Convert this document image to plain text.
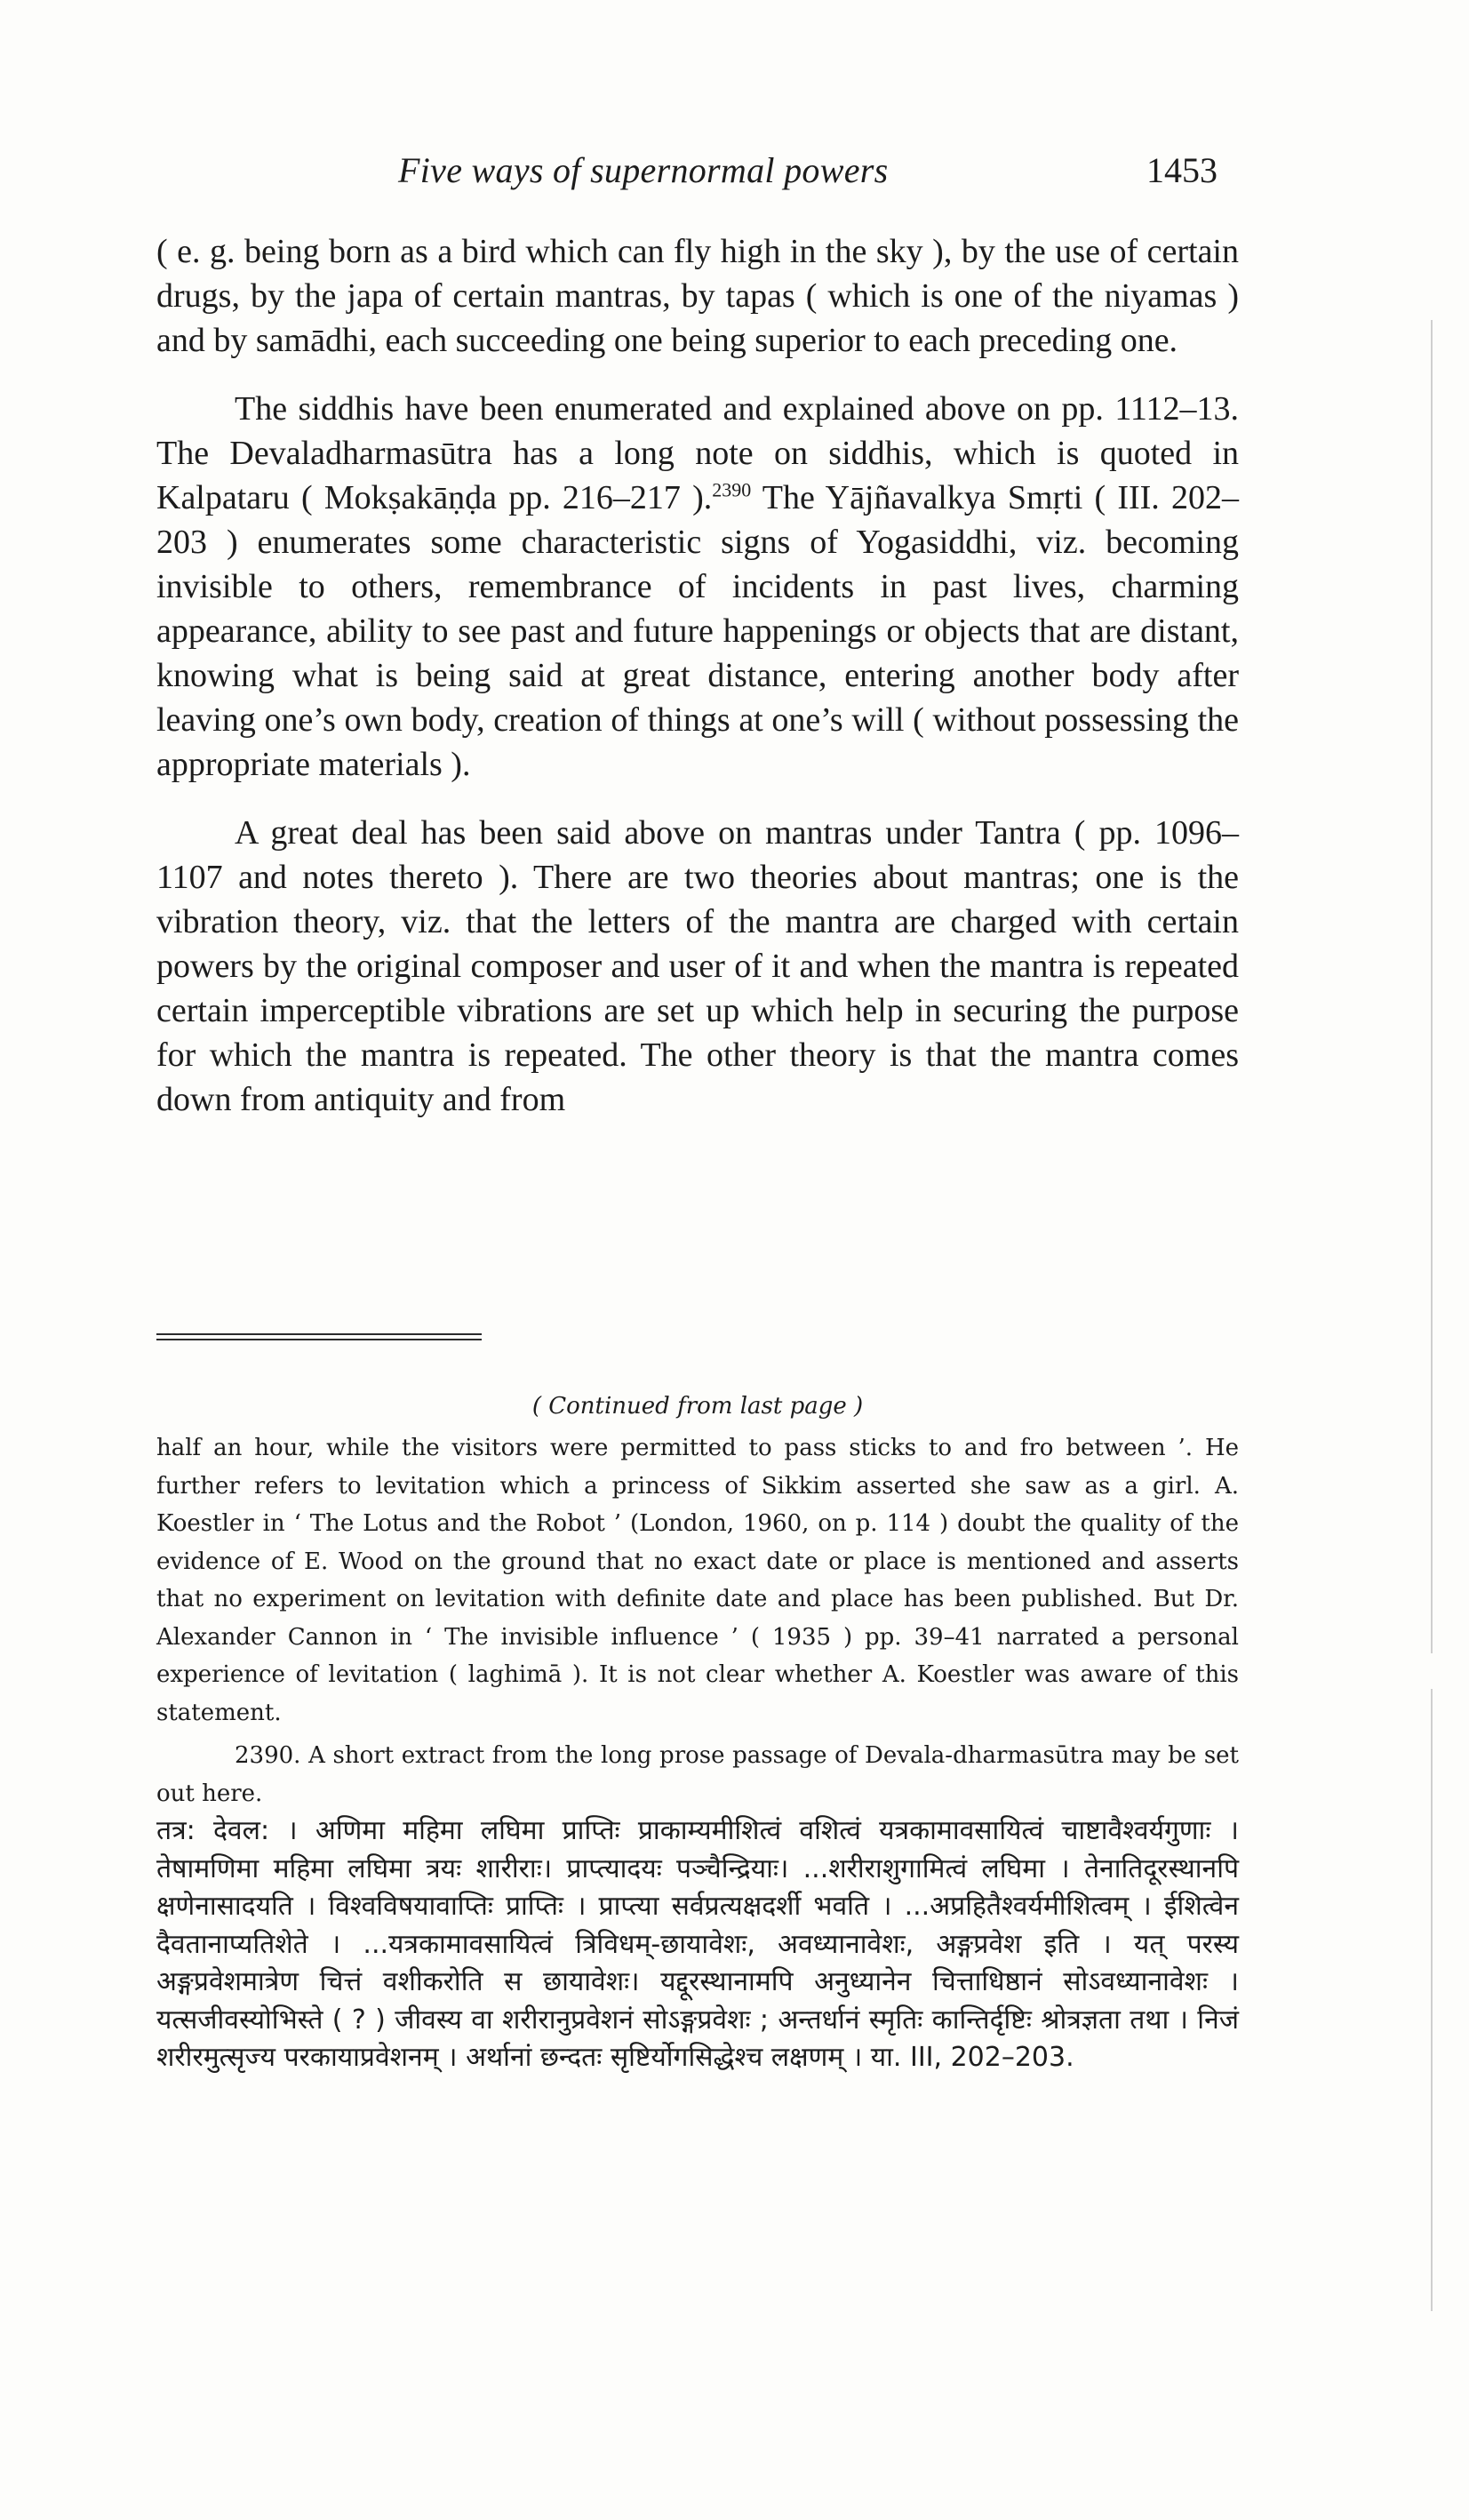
Five ways of supernormal powers	1453

( e. g. being born as a bird which can fly high in the sky ), by the use of certain drugs, by the japa of certain mantras, by tapas ( which is one of the niyamas ) and by samādhi, each succeeding one being superior to each preceding one.

The siddhis have been enumerated and explained above on pp. 1112–13. The Devaladharmasūtra has a long note on siddhis, which is quoted in Kalpataru ( Mokṣakāṇḍa pp. 216–217 ).$^{2390}$ The Yājñavalkya Smṛti ( III. 202–203 ) enumerates some characteristic signs of Yogasiddhi, viz. becoming invisible to others, remembrance of incidents in past lives, charming appearance, ability to see past and future happenings or objects that are distant, knowing what is being said at great distance, entering another body after leaving one’s own body, creation of things at one’s will ( without possessing the appropriate materials ).

A great deal has been said above on mantras under Tantra ( pp. 1096–1107 and notes thereto ). There are two theories about mantras; one is the vibration theory, viz. that the letters of the mantra are charged with certain powers by the original composer and user of it and when the mantra is repeated certain imperceptible vibrations are set up which help in securing the purpose for which the mantra is repeated. The other theory is that the mantra comes down from antiquity and from

( Continued from last page )

half an hour, while the visitors were permitted to pass sticks to and fro between ’. He further refers to levitation which a princess of Sikkim asserted she saw as a girl. A. Koestler in ‘ The Lotus and the Robot ’ (London, 1960, on p. 114 ) doubt the quality of the evidence of E. Wood on the ground that no exact date or place is mentioned and asserts that no experiment on levitation with definite date and place has been published. But Dr. Alexander Cannon in ‘ The invisible influence ’ ( 1935 ) pp. 39–41 narrated a personal experience of levitation ( laghimā ). It is not clear whether A. Koestler was aware of this statement.

2390. A short extract from the long prose passage of Devala-dharmasūtra may be set out here.

तत्र: देवल: । अणिमा महिमा लघिमा प्राप्तिः प्राकाम्यमीशित्वं वशित्वं यत्रकामावसायित्वं चाष्टावैश्वर्यगुणाः । तेषामणिमा महिमा लघिमा त्रयः शारीराः। प्राप्त्यादयः पञ्चैन्द्रियाः। ...शरीराशुगामित्वं लघिमा । तेनातिदूरस्थानपि क्षणेनासादयति । विश्वविषयावाप्तिः प्राप्तिः । प्राप्त्या सर्वप्रत्यक्षदर्शी भवति । ...अप्रहितैश्वर्यमीशित्वम् । ईशित्वेन दैवतानाप्यतिशेते । ...यत्रकामावसायित्वं त्रिविधम्-छायावेशः, अवध्यानावेशः, अङ्गप्रवेश इति । यत् परस्य अङ्गप्रवेशमात्रेण चित्तं वशीकरोति स छायावेशः। यद्दूरस्थानामपि अनुध्यानेन चित्ताधिष्ठानं सोऽवध्यानावेशः । यत्सजीवस्योभिस्ते ( ? ) जीवस्य वा शरीरानुप्रवेशनं सोऽङ्गप्रवेशः ; अन्तर्धानं स्मृतिः कान्तिर्दृष्टिः श्रोत्रज्ञता तथा । निजं शरीरमुत्सृज्य परकायाप्रवेशनम् । अर्थानां छन्दतः सृष्टिर्योगसिद्धेश्च लक्षणम् । या. III, 202–203.
